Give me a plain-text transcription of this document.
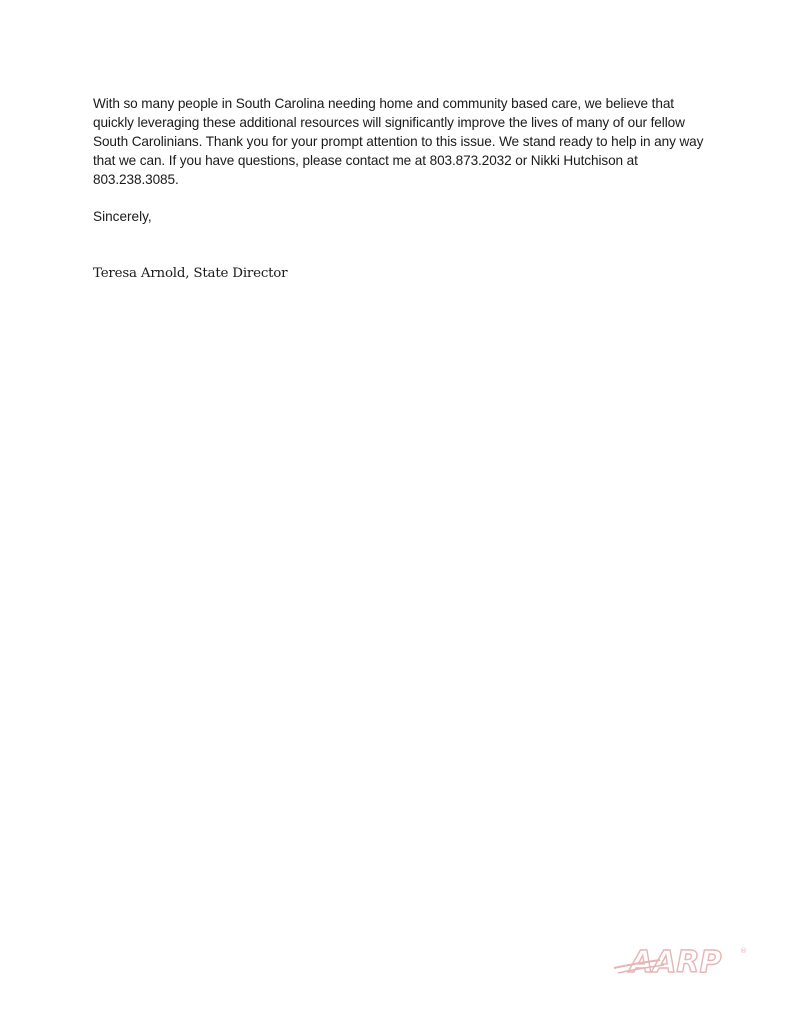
With so many people in South Carolina needing home and community based care, we believe that quickly leveraging these additional resources will significantly improve the lives of many of our fellow South Carolinians. Thank you for your prompt attention to this issue. We stand ready to help in any way that we can. If you have questions, please contact me at 803.873.2032 or Nikki Hutchison at 803.238.3085.

Sincerely,

Teresa Arnold, State Director

AARP	®
